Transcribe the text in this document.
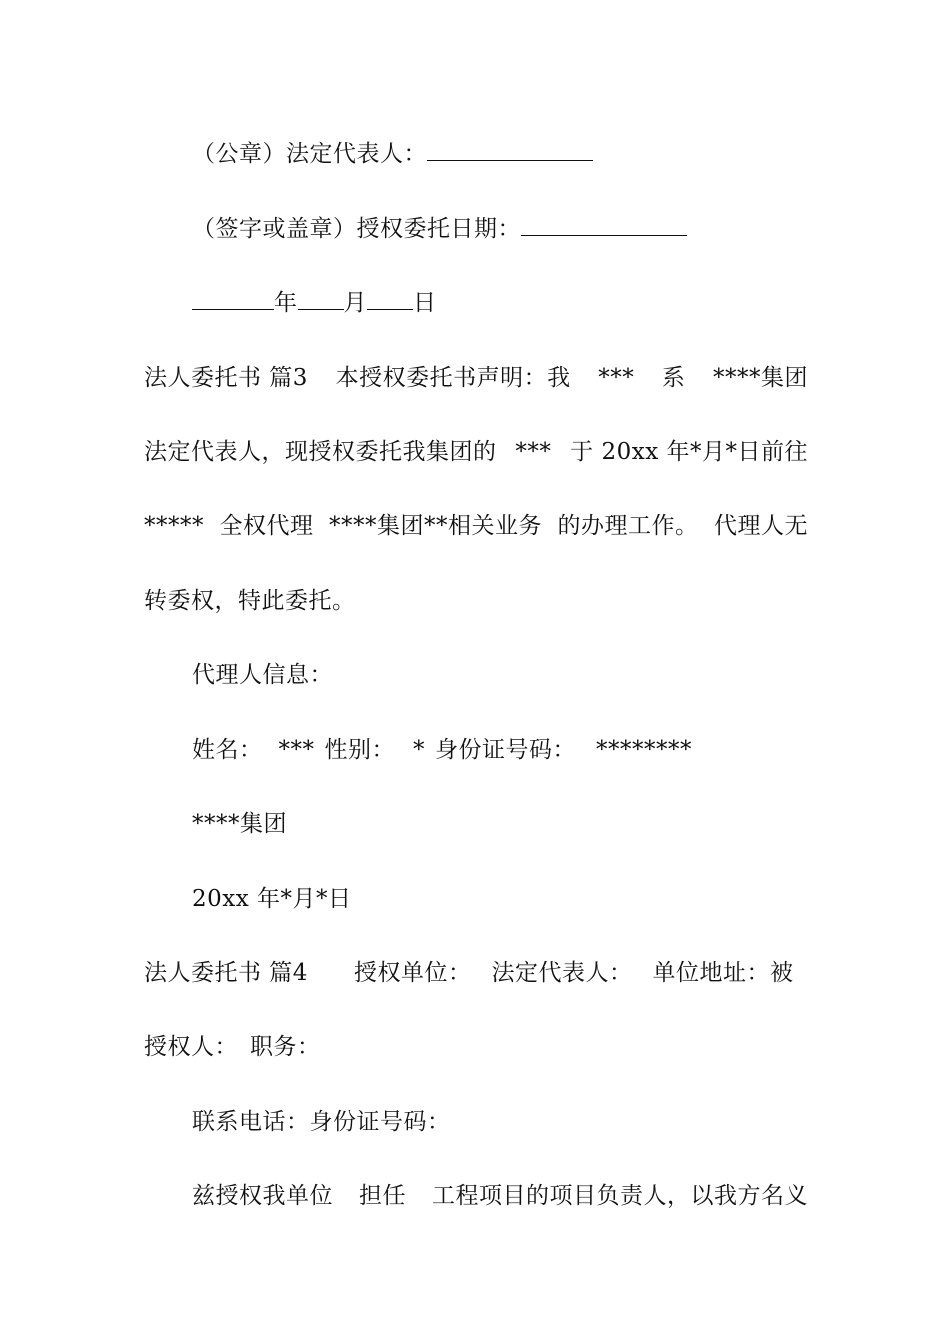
（公章）法定代表人：
（签字或盖章）授权委托日期：
年 月 日
法人委托书 篇3 本授权委托书声明：我 *** 系 ****集团
法定代表人，现授权委托我集团的 *** 于 20xx 年*月*日前往
***** 全权代理 ****集团**相关业务 的办理工作。 代理人无
转委权，特此委托。
代理人信息：
姓名： *** 性别： * 身份证号码： ********
****集团
20xx 年*月*日
法人委托书 篇4 授权单位： 法定代表人： 单位地址：被
授权人： 职务：
联系电话：身份证号码：
兹授权我单位 担任 工程项目的项目负责人，以我方名义
